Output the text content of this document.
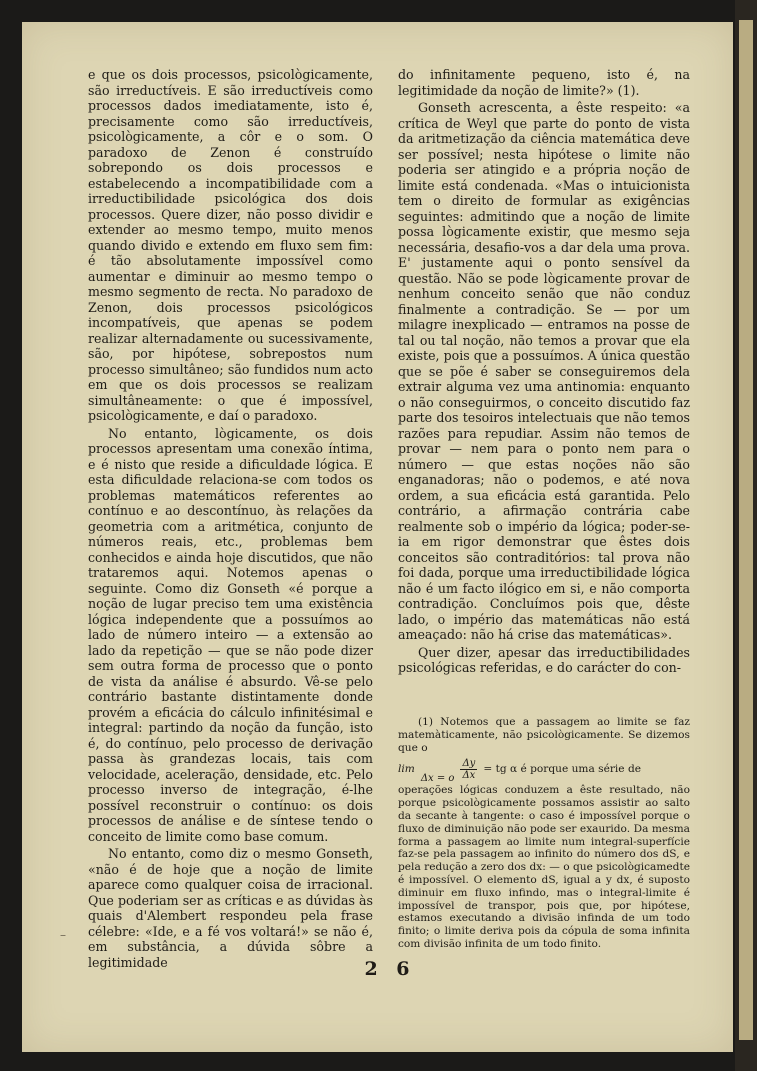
e que os dois processos, psicològicamente, são irreductíveis. E são irreductíveis como processos dados imediatamente, isto é, precisamente como são irreductíveis, psicològicamente, a côr e o som. O paradoxo de Zenon é construído sobrepondo os dois processos e estabelecendo a incompatibilidade com a irreductibilidade psicológica dos dois processos. Quere dizer, não posso dividir e extender ao mesmo tempo, muito menos quando divido e extendo em fluxo sem fim: é tão absolutamente impossível como aumentar e diminuir ao mesmo tempo o mesmo segmento de recta. No paradoxo de Zenon, dois processos psicológicos incompatíveis, que apenas se podem realizar alternadamente ou sucessivamente, são, por hipótese, sobrepostos num processo simultâneo; são fundidos num acto em que os dois processos se realizam simultâneamente: o que é impossível, psicològicamente, e daí o paradoxo.

No entanto, lògicamente, os dois processos apresentam uma conexão íntima, e é nisto que reside a dificuldade lógica. E esta dificuldade relaciona-se com todos os problemas matemáticos referentes ao contínuo e ao descontínuo, às relações da geometria com a aritmética, conjunto de números reais, etc., problemas bem conhecidos e ainda hoje discutidos, que não trataremos aqui. Notemos apenas o seguinte. Como diz Gonseth «é porque a noção de lugar preciso tem uma existência lógica independente que a possuímos ao lado de número inteiro — a extensão ao lado da repetição — que se não pode dizer sem outra forma de processo que o ponto de vista da análise é absurdo. Vê-se pelo contrário bastante distintamente donde provém a eficácia do cálculo infinitésimal e integral: partindo da noção da função, isto é, do contínuo, pelo processo de derivação passa às grandezas locais, tais com velocidade, aceleração, densidade, etc. Pelo processo inverso de integração, é-lhe possível reconstruir o contínuo: os dois processos de análise e de síntese tendo o conceito de limite como base comum.

No entanto, como diz o mesmo Gonseth, «não é de hoje que a noção de limite aparece como qualquer coisa de irracional. Que poderiam ser as críticas e as dúvidas às quais d'Alembert respondeu pela frase célebre: «Ide, e a fé vos voltará!» se não é, em substância, a dúvida sôbre a legitimidade

do infinitamente pequeno, isto é, na legitimidade da noção de limite?» (1).

Gonseth acrescenta, a êste respeito: «a crítica de Weyl que parte do ponto de vista da aritmetização da ciência matemática deve ser possível; nesta hipótese o limite não poderia ser atingido e a própria noção de limite está condenada. «Mas o intuicionista tem o direito de formular as exigências seguintes: admitindo que a noção de limite possa lògicamente existir, que mesmo seja necessária, desafio-vos a dar dela uma prova. E' justamente aqui o ponto sensível da questão. Não se pode lògicamente provar de nenhum conceito senão que não conduz finalmente a contradição. Se — por um milagre inexplicado — entramos na posse de tal ou tal noção, não temos a provar que ela existe, pois que a possuímos. A única questão que se põe é saber se conseguiremos dela extrair alguma vez uma antinomia: enquanto o não conseguirmos, o conceito discutido faz parte dos tesoiros intelectuais que não temos razões para repudiar. Assim não temos de provar — nem para o ponto nem para o número — que estas noções não são enganadoras; não o podemos, e até nova ordem, a sua eficácia está garantida. Pelo contrário, a afirmação contrária cabe realmente sob o império da lógica; poder-se-ia em rigor demonstrar que êstes dois conceitos são contraditórios: tal prova não foi dada, porque uma irreductibilidade lógica não é um facto ilógico em si, e não comporta contradição. Concluímos pois que, dêste lado, o império das matemáticas não está ameaçado: não há crise das matemáticas».

Quer dizer, apesar das irreductibilidades psicológicas referidas, e do carácter do con-

(1) Notemos que a passagem ao limite se faz matemàticamente, não psicològicamente. Se dizemos que o

lim
Δx = o $\frac{\Delta y}{\Delta x}$ = tg α é porque uma série de

operações lógicas conduzem a êste resultado, não porque psicològicamente possamos assistir ao salto da secante à tangente: o caso é impossível porque o fluxo de diminuição não pode ser exaurido. Da mesma forma a passagem ao limite num integral-superfície faz-se pela passagem ao infinito do número dos dS, e pela redução a zero dos dx: — o que psicològicamedte é impossível. O elemento dS, igual a y dx, é suposto diminuir em fluxo infindo, mas o integral-limite é impossível de transpor, pois que, por hipótese, estamos executando a divisão infinda de um todo finito; o limite deriva pois da cópula de soma infinita com divisão infinita de um todo finito.

2 6
–
